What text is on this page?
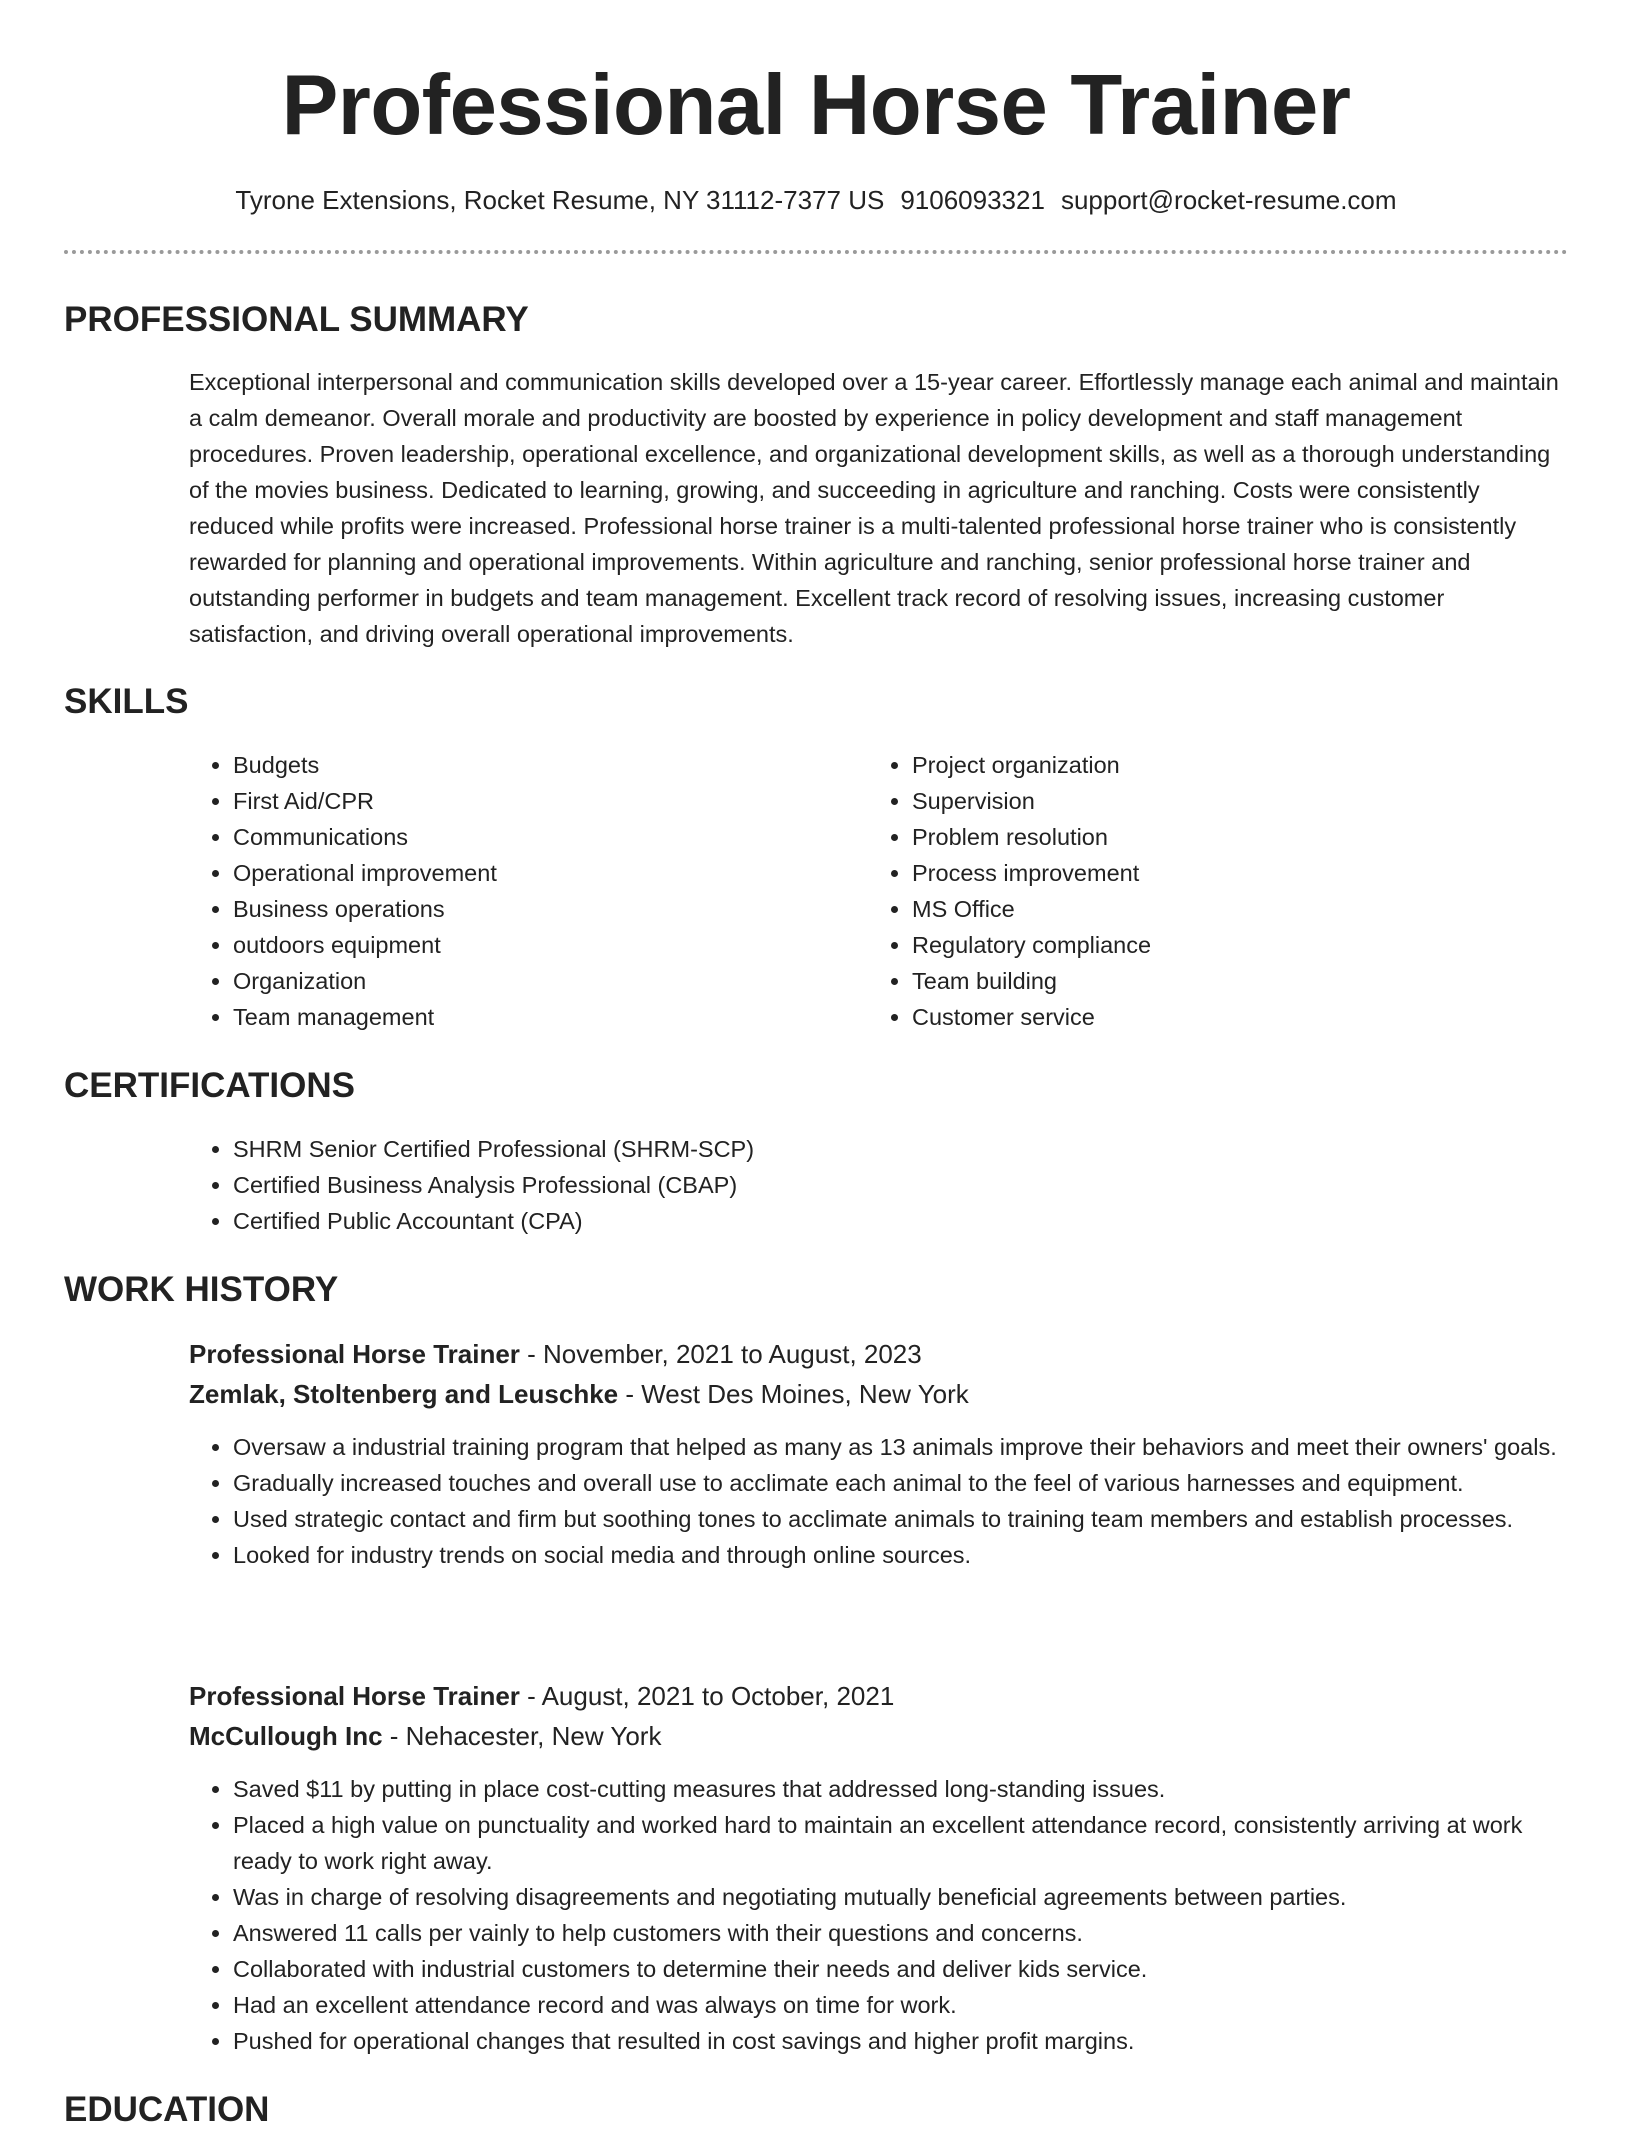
Professional Horse Trainer
Tyrone Extensions, Rocket Resume, NY 31112-7377 US 9106093321 support@rocket-resume.com
PROFESSIONAL SUMMARY

Exceptional interpersonal and communication skills developed over a 15-year career. Effortlessly manage each animal and maintain a calm demeanor. Overall morale and productivity are boosted by experience in policy development and staff management procedures. Proven leadership, operational excellence, and organizational development skills, as well as a thorough understanding of the movies business. Dedicated to learning, growing, and succeeding in agriculture and ranching. Costs were consistently reduced while profits were increased. Professional horse trainer is a multi-talented professional horse trainer who is consistently rewarded for planning and operational improvements. Within agriculture and ranching, senior professional horse trainer and outstanding performer in budgets and team management. Excellent track record of resolving issues, increasing customer satisfaction, and driving overall operational improvements.

SKILLS
• Budgets
• First Aid/CPR
• Communications
• Operational improvement
• Business operations
• outdoors equipment
• Organization
• Team management
• Project organization
• Supervision
• Problem resolution
• Process improvement
• MS Office
• Regulatory compliance
• Team building
• Customer service
CERTIFICATIONS
• SHRM Senior Certified Professional (SHRM-SCP)
• Certified Business Analysis Professional (CBAP)
• Certified Public Accountant (CPA)
WORK HISTORY

Professional Horse Trainer - November, 2021 to August, 2023

Zemlak, Stoltenberg and Leuschke - West Des Moines, New York

• Oversaw a industrial training program that helped as many as 13 animals improve their behaviors and meet their owners' goals.
• Gradually increased touches and overall use to acclimate each animal to the feel of various harnesses and equipment.
• Used strategic contact and firm but soothing tones to acclimate animals to training team members and establish processes.
• Looked for industry trends on social media and through online sources.

Professional Horse Trainer - August, 2021 to October, 2021

McCullough Inc - Nehacester, New York

• Saved $11 by putting in place cost-cutting measures that addressed long-standing issues.
• Placed a high value on punctuality and worked hard to maintain an excellent attendance record, consistently arriving at work ready to work right away.
• Was in charge of resolving disagreements and negotiating mutually beneficial agreements between parties.
• Answered 11 calls per vainly to help customers with their questions and concerns.
• Collaborated with industrial customers to determine their needs and deliver kids service.
• Had an excellent attendance record and was always on time for work.
• Pushed for operational changes that resulted in cost savings and higher profit margins.
EDUCATION
